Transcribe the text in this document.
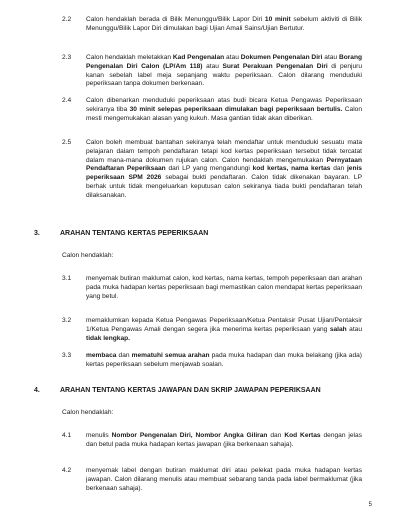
2.2 Calon hendaklah berada di Bilik Menunggu/Bilik Lapor Diri 10 minit sebelum aktiviti di Bilik Menunggu/Bilik Lapor Diri dimulakan bagi Ujian Amali Sains/Ujian Bertutur.
2.3 Calon hendaklah meletakkan Kad Pengenalan atau Dokumen Pengenalan Diri atau Borang Pengenalan Diri Calon (LP/Am 118) atau Surat Perakuan Pengenalan Diri di penjuru kanan sebelah label meja sepanjang waktu peperiksaan. Calon dilarang menduduki peperiksaan tanpa dokumen berkenaan.
2.4 Calon dibenarkan menduduki peperiksaan atas budi bicara Ketua Pengawas Peperiksaan sekiranya tiba 30 minit selepas peperiksaan dimulakan bagi peperiksaan bertulis. Calon mesti mengemukakan alasan yang kukuh. Masa gantian tidak akan diberikan.
2.5 Calon boleh membuat bantahan sekiranya telah mendaftar untuk menduduki sesuatu mata pelajaran dalam tempoh pendaftaran tetapi kod kertas peperiksaan tersebut tidak tercatat dalam mana-mana dokumen rujukan calon. Calon hendaklah mengemukakan Pernyataan Pendaftaran Peperiksaan dari LP yang mengandungi kod kertas, nama kertas dan jenis peperiksaan SPM 2026 sebagai bukti pendaftaran. Calon tidak dikenakan bayaran. LP berhak untuk tidak mengeluarkan keputusan calon sekiranya tiada bukti pendaftaran telah dilaksanakan.
3.	ARAHAN TENTANG KERTAS PEPERIKSAAN
Calon hendaklah:
3.1 menyemak butiran maklumat calon, kod kertas, nama kertas, tempoh peperiksaan dan arahan pada muka hadapan kertas peperiksaan bagi memastikan calon mendapat kertas peperiksaan yang betul.
3.2 memaklumkan kepada Ketua Pengawas Peperiksaan/Ketua Pentaksir Pusat Ujian/Pentaksir 1/Ketua Pengawas Amali dengan segera jika menerima kertas peperiksaan yang salah atau tidak lengkap.
3.3 membaca dan mematuhi semua arahan pada muka hadapan dan muka belakang (jika ada) kertas peperiksaan sebelum menjawab soalan.
4.	ARAHAN TENTANG KERTAS JAWAPAN DAN SKRIP JAWAPAN PEPERIKSAAN
Calon hendaklah:
4.1 menulis Nombor Pengenalan Diri, Nombor Angka Giliran dan Kod Kertas dengan jelas dan betul pada muka hadapan kertas jawapan (jika berkenaan sahaja).
4.2 menyemak label dengan butiran maklumat diri atau pelekat pada muka hadapan kertas jawapan. Calon dilarang menulis atau membuat sebarang tanda pada label bermaklumat (jika berkenaan sahaja).
5
